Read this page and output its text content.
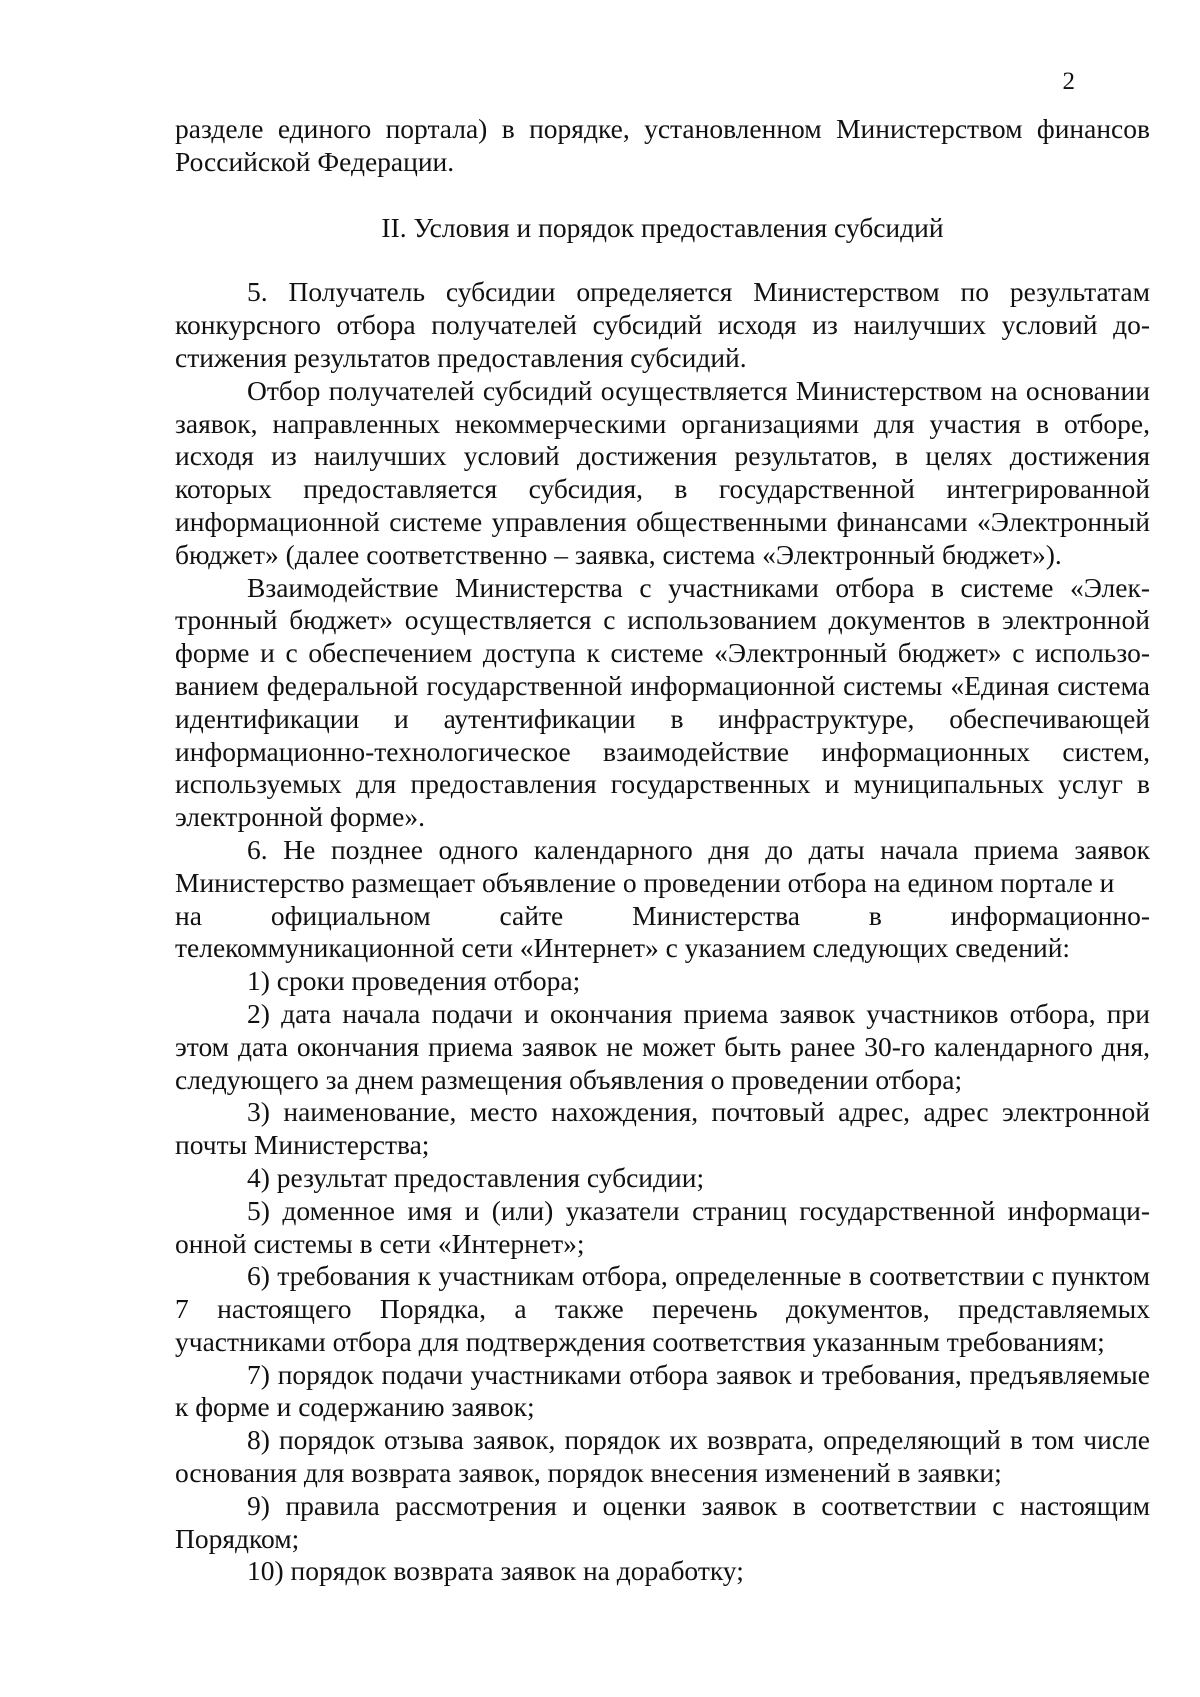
2

разделе единого портала) в порядке, установленном Министерством финансов Российской Федерации.

II. Условия и порядок предоставления субсидий

5. Получатель субсидии определяется Министерством по результатам конкурсного отбора получателей субсидий исходя из наилучших условий достижения результатов предоставления субсидий.

Отбор получателей субсидий осуществляется Министерством на основании заявок, направленных некоммерческими организациями для участия в отборе, исходя из наилучших условий достижения результатов, в целях достижения которых предоставляется субсидия, в государственной интегрированной информационной системе управления общественными финансами «Электронный бюджет» (далее соответственно – заявка, система «Электронный бюджет»).

Взаимодействие Министерства с участниками отбора в системе «Электронный бюджет» осуществляется с использованием документов в электронной форме и с обеспечением доступа к системе «Электронный бюджет» с использованием федеральной государственной информационной системы «Единая система идентификации и аутентификации в инфраструктуре, обеспечивающей информационно-технологическое взаимодействие информационных систем, используемых для предоставления государственных и муниципальных услуг в электронной форме».

6. Не позднее одного календарного дня до даты начала приема заявок Министерство размещает объявление о проведении отбора на едином портале и

на официальном сайте Министерства в информационно-

телекоммуникационной сети «Интернет» с указанием следующих сведений:

1) сроки проведения отбора;

2) дата начала подачи и окончания приема заявок участников отбора, при этом дата окончания приема заявок не может быть ранее 30-го календарного дня, следующего за днем размещения объявления о проведении отбора;

3) наименование, место нахождения, почтовый адрес, адрес электронной почты Министерства;

4) результат предоставления субсидии;

5) доменное имя и (или) указатели страниц государственной информационной системы в сети «Интернет»;

6) требования к участникам отбора, определенные в соответствии с пунктом 7 настоящего Порядка, а также перечень документов, представляемых участниками отбора для подтверждения соответствия указанным требованиям;

7) порядок подачи участниками отбора заявок и требования, предъявляемые к форме и содержанию заявок;

8) порядок отзыва заявок, порядок их возврата, определяющий в том числе основания для возврата заявок, порядок внесения изменений в заявки;

9) правила рассмотрения и оценки заявок в соответствии с настоящим Порядком;

10) порядок возврата заявок на доработку;
